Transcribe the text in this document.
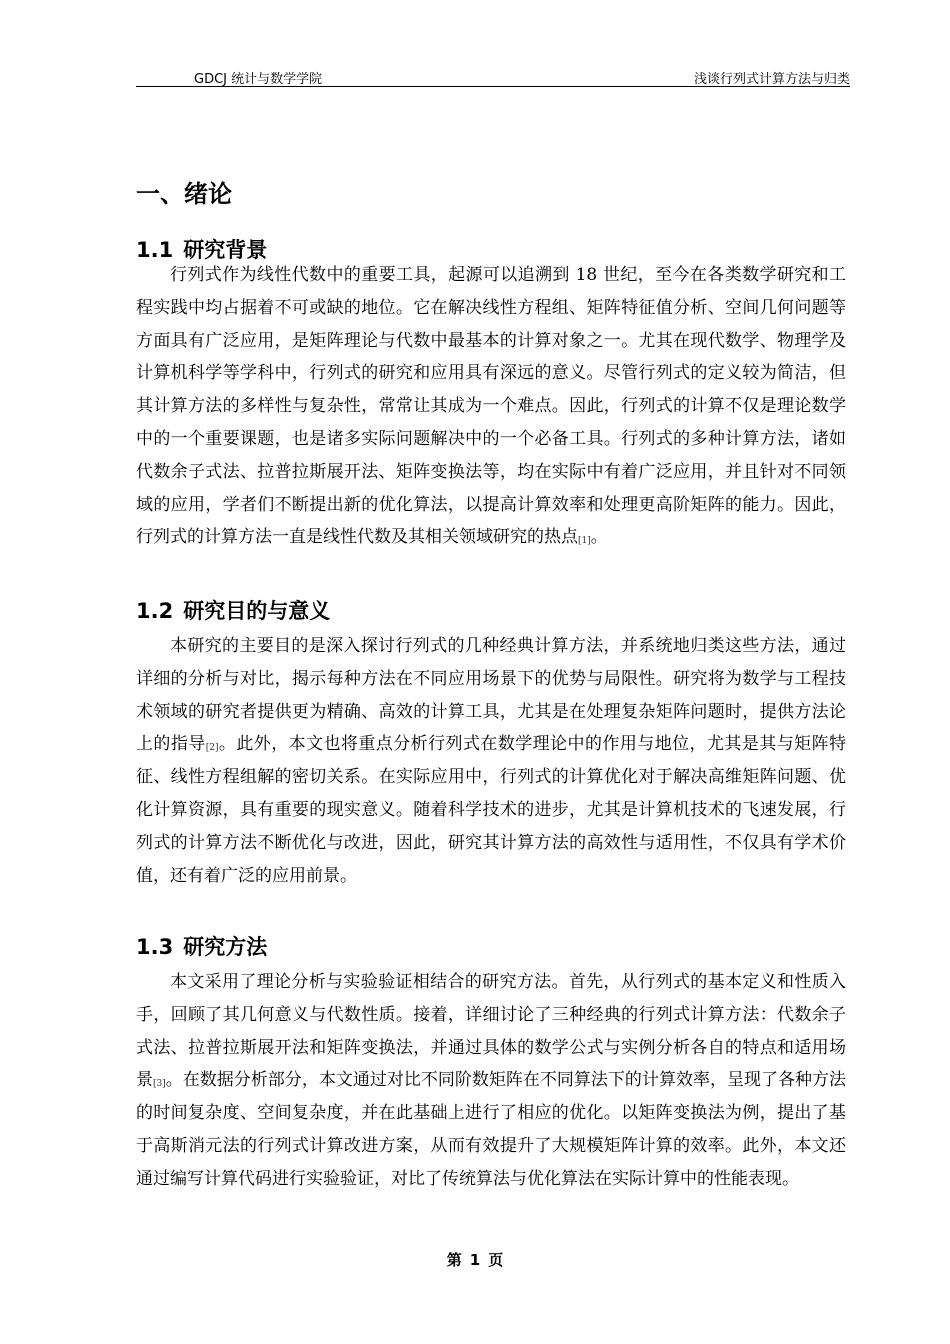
GDCJ 统计与数学学院	浅谈行列式计算方法与归类
一、绪论
1.1 研究背景

行列式作为线性代数中的重要工具，起源可以追溯到 18 世纪，至今在各类数学研究和工程实践中均占据着不可或缺的地位。它在解决线性方程组、矩阵特征值分析、空间几何问题等方面具有广泛应用，是矩阵理论与代数中最基本的计算对象之一。尤其在现代数学、物理学及计算机科学等学科中，行列式的研究和应用具有深远的意义。尽管行列式的定义较为简洁，但其计算方法的多样性与复杂性，常常让其成为一个难点。因此，行列式的计算不仅是理论数学中的一个重要课题，也是诸多实际问题解决中的一个必备工具。行列式的多种计算方法，诸如代数余子式法、拉普拉斯展开法、矩阵变换法等，均在实际中有着广泛应用，并且针对不同领域的应用，学者们不断提出新的优化算法，以提高计算效率和处理更高阶矩阵的能力。因此，行列式的计算方法一直是线性代数及其相关领域研究的热点[1]。

1.2 研究目的与意义

本研究的主要目的是深入探讨行列式的几种经典计算方法，并系统地归类这些方法，通过详细的分析与对比，揭示每种方法在不同应用场景下的优势与局限性。研究将为数学与工程技术领域的研究者提供更为精确、高效的计算工具，尤其是在处理复杂矩阵问题时，提供方法论上的指导[2]。此外，本文也将重点分析行列式在数学理论中的作用与地位，尤其是其与矩阵特征、线性方程组解的密切关系。在实际应用中，行列式的计算优化对于解决高维矩阵问题、优化计算资源，具有重要的现实意义。随着科学技术的进步，尤其是计算机技术的飞速发展，行列式的计算方法不断优化与改进，因此，研究其计算方法的高效性与适用性，不仅具有学术价值，还有着广泛的应用前景。

1.3 研究方法

本文采用了理论分析与实验验证相结合的研究方法。首先，从行列式的基本定义和性质入手，回顾了其几何意义与代数性质。接着，详细讨论了三种经典的行列式计算方法：代数余子式法、拉普拉斯展开法和矩阵变换法，并通过具体的数学公式与实例分析各自的特点和适用场景[3]。在数据分析部分，本文通过对比不同阶数矩阵在不同算法下的计算效率，呈现了各种方法的时间复杂度、空间复杂度，并在此基础上进行了相应的优化。以矩阵变换法为例，提出了基于高斯消元法的行列式计算改进方案，从而有效提升了大规模矩阵计算的效率。此外，本文还通过编写计算代码进行实验验证，对比了传统算法与优化算法在实际计算中的性能表现。

第 1 页
